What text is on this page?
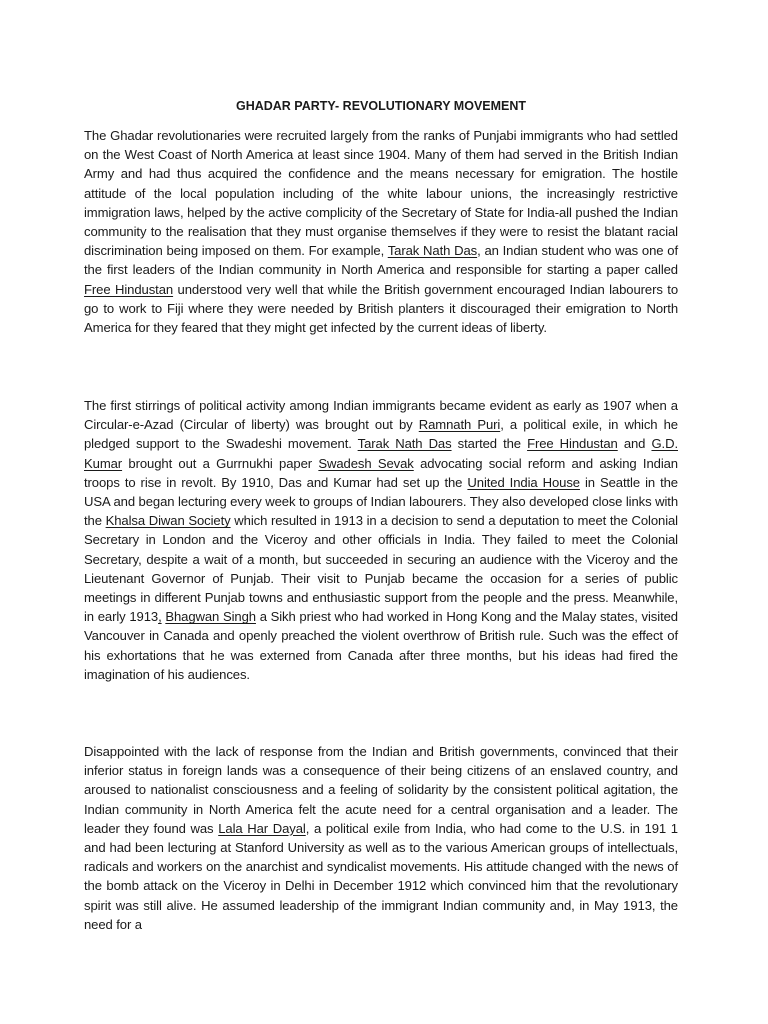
GHADAR PARTY- REVOLUTIONARY MOVEMENT

The Ghadar revolutionaries were recruited largely from the ranks of Punjabi immigrants who had settled on the West Coast of North America at least since 1904. Many of them had served in the British Indian Army and had thus acquired the confidence and the means necessary for emigration. The hostile attitude of the local population including of the white labour unions, the increasingly restrictive immigration laws, helped by the active complicity of the Secretary of State for India-all pushed the Indian community to the realisation that they must organise themselves if they were to resist the blatant racial discrimination being imposed on them. For example, Tarak Nath Das, an Indian student who was one of the first leaders of the Indian community in North America and responsible for starting a paper called Free Hindustan understood very well that while the British government encouraged Indian labourers to go to work to Fiji where they were needed by British planters it discouraged their emigration to North America for they feared that they might get infected by the current ideas of liberty.

The first stirrings of political activity among Indian immigrants became evident as early as 1907 when a Circular-e-Azad (Circular of liberty) was brought out by Ramnath Puri, a political exile, in which he pledged support to the Swadeshi movement. Tarak Nath Das started the Free Hindustan and G.D. Kumar brought out a Gurrnukhi paper Swadesh Sevak advocating social reform and asking Indian troops to rise in revolt. By 1910, Das and Kumar had set up the United India House in Seattle in the USA and began lecturing every week to groups of Indian labourers. They also developed close links with the Khalsa Diwan Society which resulted in 1913 in a decision to send a deputation to meet the Colonial Secretary in London and the Viceroy and other officials in India. They failed to meet the Colonial Secretary, despite a wait of a month, but succeeded in securing an audience with the Viceroy and the Lieutenant Governor of Punjab. Their visit to Punjab became the occasion for a series of public meetings in different Punjab towns and enthusiastic support from the people and the press. Meanwhile, in early 1913, Bhagwan Singh a Sikh priest who had worked in Hong Kong and the Malay states, visited Vancouver in Canada and openly preached the violent overthrow of British rule. Such was the effect of his exhortations that he was externed from Canada after three months, but his ideas had fired the imagination of his audiences.

Disappointed with the lack of response from the Indian and British governments, convinced that their inferior status in foreign lands was a consequence of their being citizens of an enslaved country, and aroused to nationalist consciousness and a feeling of solidarity by the consistent political agitation, the Indian community in North America felt the acute need for a central organisation and a leader. The leader they found was Lala Har Dayal, a political exile from India, who had come to the U.S. in 191 1 and had been lecturing at Stanford University as well as to the various American groups of intellectuals, radicals and workers on the anarchist and syndicalist movements. His attitude changed with the news of the bomb attack on the Viceroy in Delhi in December 1912 which convinced him that the revolutionary spirit was still alive. He assumed leadership of the immigrant Indian community and, in May 1913, the need for a
